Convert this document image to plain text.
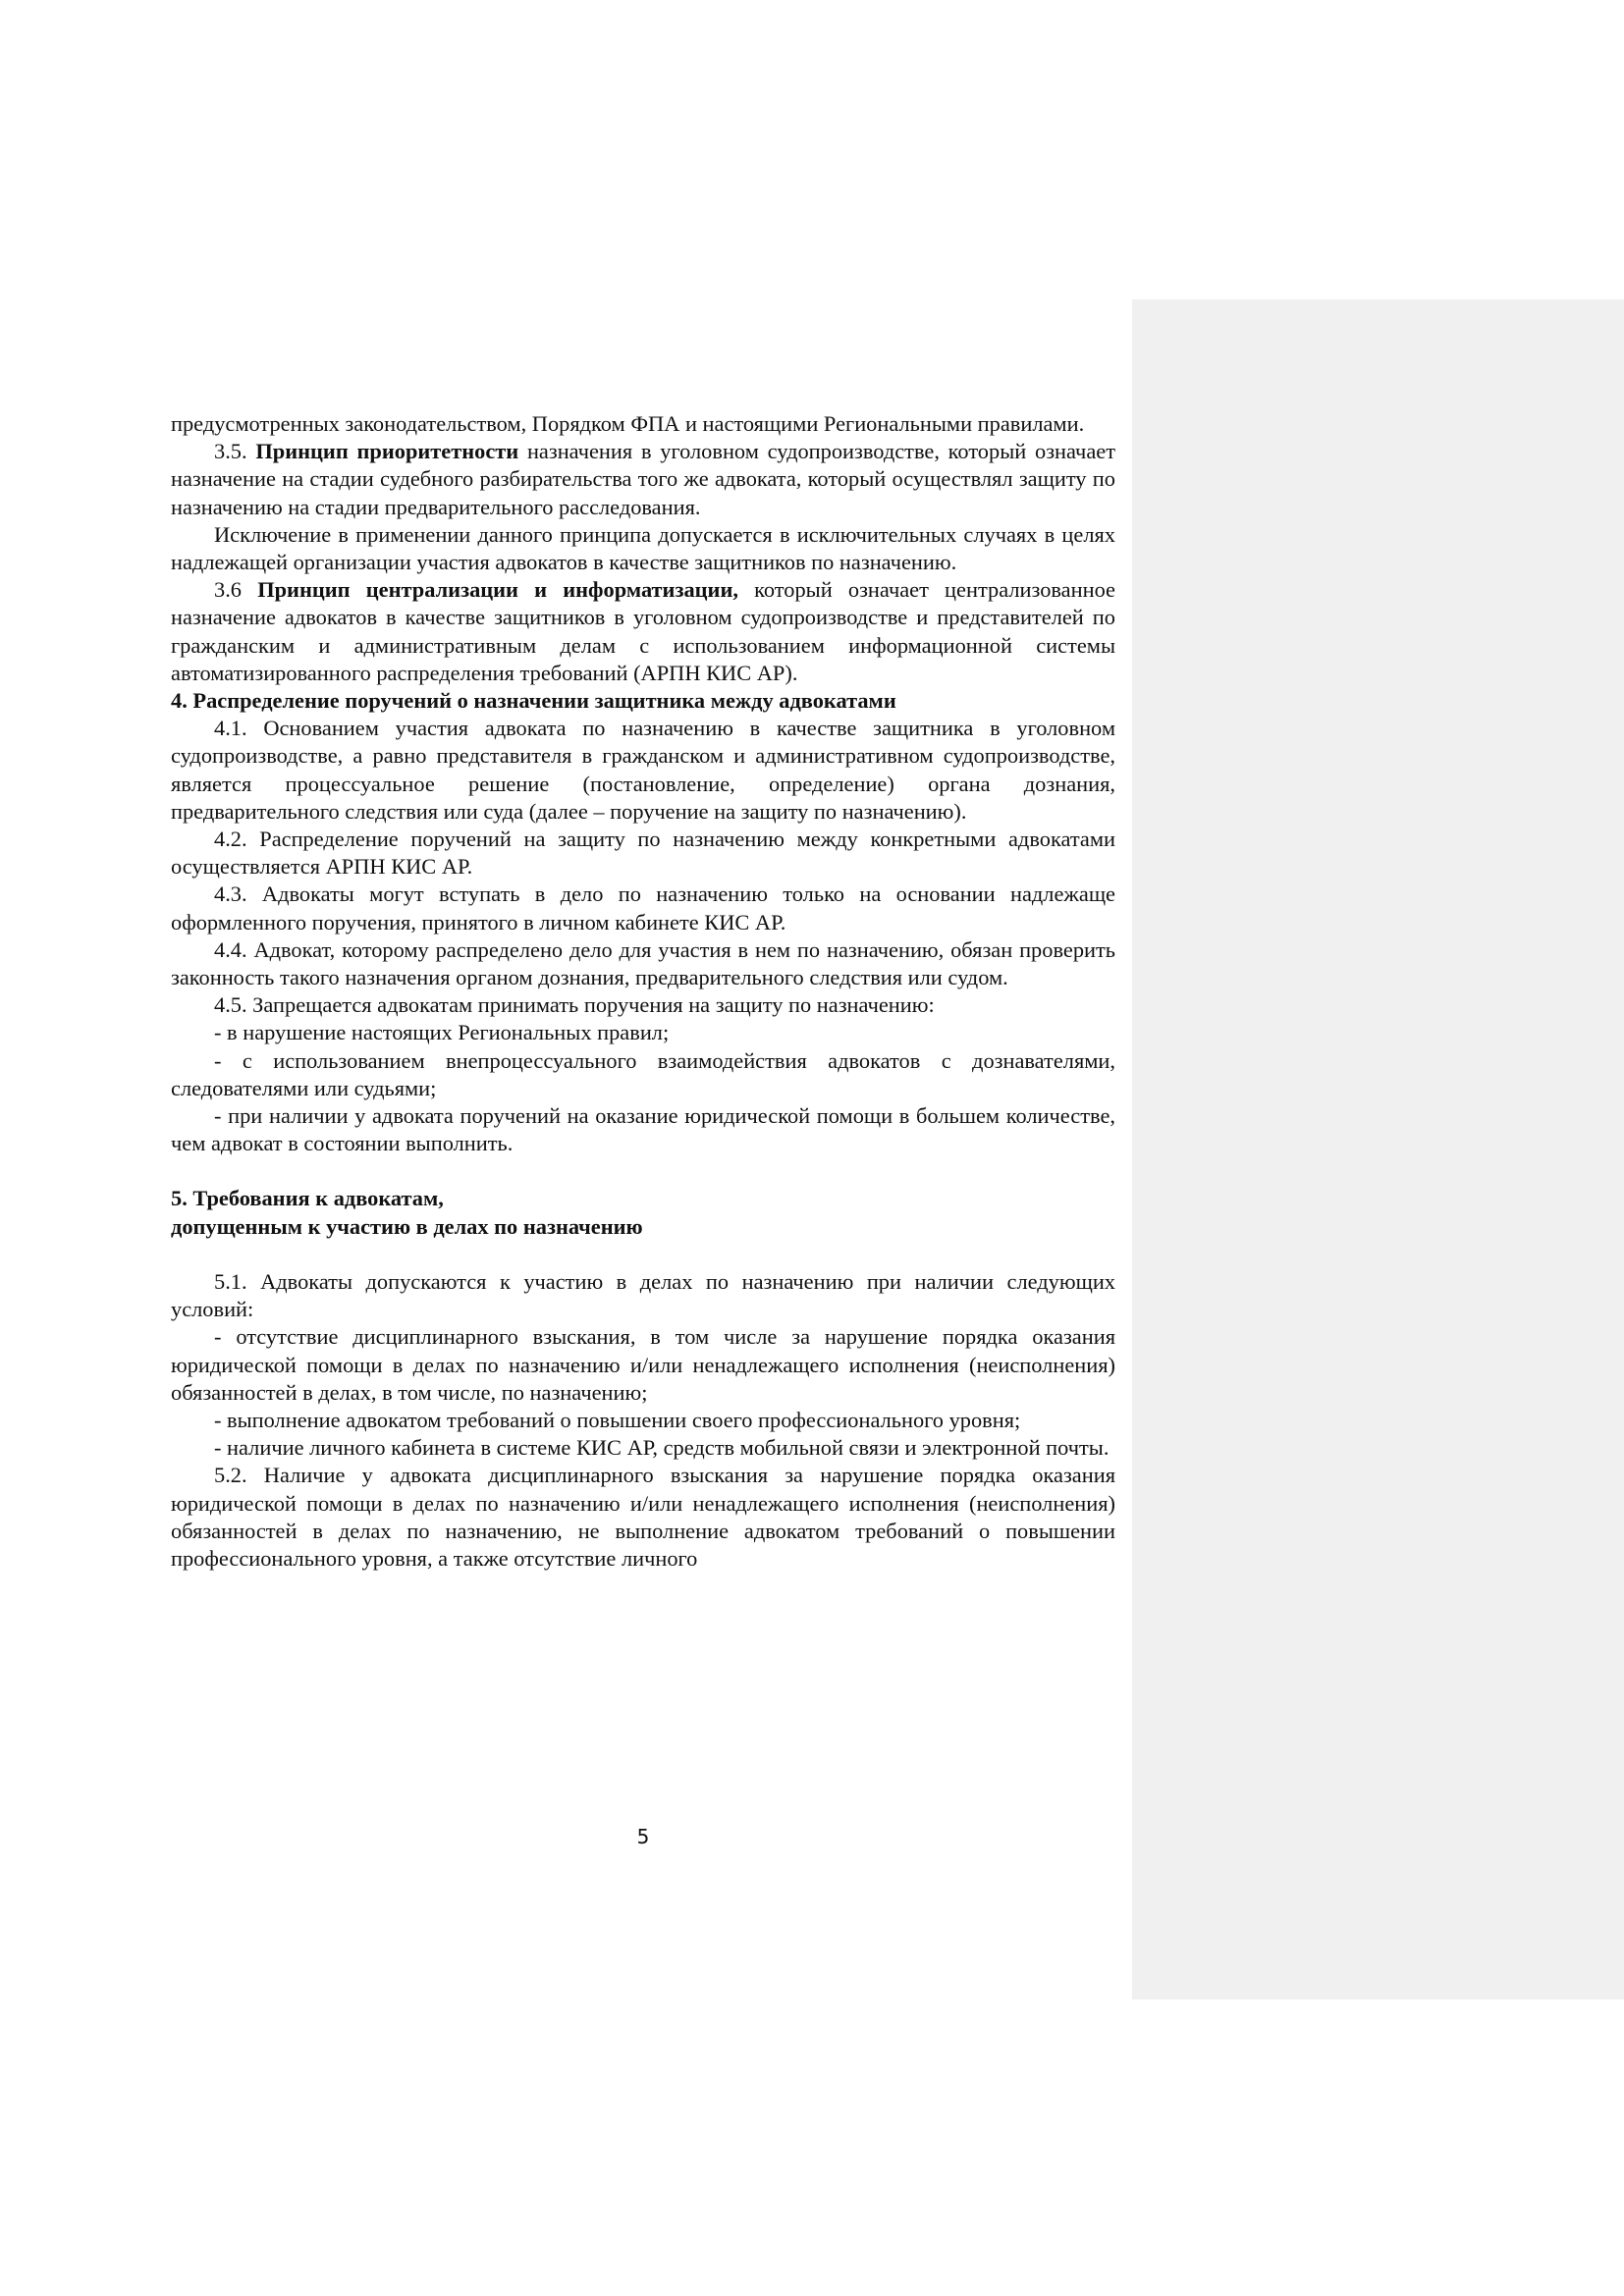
предусмотренных законодательством, Порядком ФПА и настоящими Региональными правилами.

3.5. Принцип приоритетности назначения в уголовном судопроизводстве, который означает назначение на стадии судебного разбирательства того же адвоката, который осуществлял защиту по назначению на стадии предварительного расследования.

Исключение в применении данного принципа допускается в исключительных случаях в целях надлежащей организации участия адвокатов в качестве защитников по назначению.

3.6 Принцип централизации и информатизации, который означает централизованное назначение адвокатов в качестве защитников в уголовном судопроизводстве и представителей по гражданским и административным делам с использованием информационной системы автоматизированного распределения требований (АРПН КИС АР).

4. Распределение поручений о назначении защитника между адвокатами

4.1. Основанием участия адвоката по назначению в качестве защитника в уголовном судопроизводстве, а равно представителя в гражданском и административном судопроизводстве, является процессуальное решение (постановление, определение) органа дознания, предварительного следствия или суда (далее – поручение на защиту по назначению).

4.2. Распределение поручений на защиту по назначению между конкретными адвокатами осуществляется АРПН КИС АР.

4.3. Адвокаты могут вступать в дело по назначению только на основании надлежаще оформленного поручения, принятого в личном кабинете КИС АР.

4.4. Адвокат, которому распределено дело для участия в нем по назначению, обязан проверить законность такого назначения органом дознания, предварительного следствия или судом.

4.5. Запрещается адвокатам принимать поручения на защиту по назначению:

- в нарушение настоящих Региональных правил;

- с использованием внепроцессуального взаимодействия адвокатов с дознавателями, следователями или судьями;

- при наличии у адвоката поручений на оказание юридической помощи в большем количестве, чем адвокат в состоянии выполнить.

5. Требования к адвокатам,

допущенным к участию в делах по назначению

5.1. Адвокаты допускаются к участию в делах по назначению при наличии следующих условий:

- отсутствие дисциплинарного взыскания, в том числе за нарушение порядка оказания юридической помощи в делах по назначению и/или ненадлежащего исполнения (неисполнения) обязанностей в делах, в том числе, по назначению;

- выполнение адвокатом требований о повышении своего профессионального уровня;

- наличие личного кабинета в системе КИС АР, средств мобильной связи и электронной почты.

5.2. Наличие у адвоката дисциплинарного взыскания за нарушение порядка оказания юридической помощи в делах по назначению и/или ненадлежащего исполнения (неисполнения) обязанностей в делах по назначению, не выполнение адвокатом требований о повышении профессионального уровня, а также отсутствие личного

5
